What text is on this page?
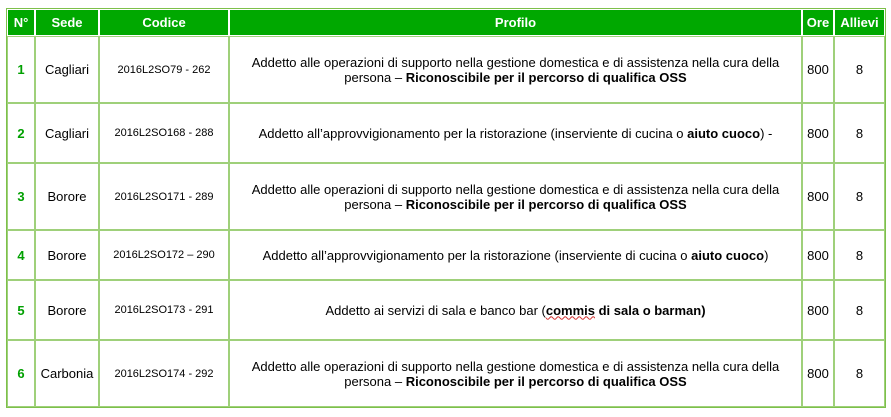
N°	Sede	Codice	Profilo	Ore	Allievi
1	Cagliari	2016L2SO79 - 262	Addetto alle operazioni di supporto nella gestione domestica e di assistenza nella cura della persona – Riconoscibile per il percorso di qualifica OSS	800	8
2	Cagliari	2016L2SO168 - 288	Addetto all’approvvigionamento per la ristorazione (inserviente di cucina o aiuto cuoco) -	800	8
3	Borore	2016L2SO171 - 289	Addetto alle operazioni di supporto nella gestione domestica e di assistenza nella cura della persona – Riconoscibile per il percorso di qualifica OSS	800	8
4	Borore	2016L2SO172 – 290	Addetto all’approvvigionamento per la ristorazione (inserviente di cucina o aiuto cuoco)	800	8
5	Borore	2016L2SO173 - 291	Addetto ai servizi di sala e banco bar (commis di sala o barman)	800	8
6	Carbonia	2016L2SO174 - 292	Addetto alle operazioni di supporto nella gestione domestica e di assistenza nella cura della persona – Riconoscibile per il percorso di qualifica OSS	800	8
